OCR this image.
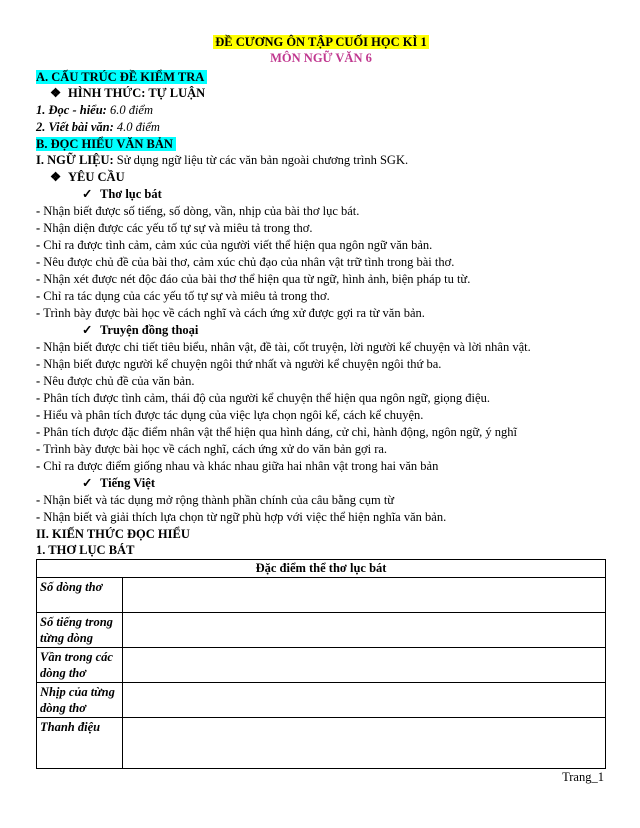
ĐỀ CƯƠNG ÔN TẬP CUỐI HỌC KÌ 1
MÔN NGỮ VĂN 6
A. CẤU TRÚC ĐỀ KIỂM TRA
❖ HÌNH THỨC: TỰ LUẬN
1. Đọc - hiểu: 6.0 điểm
2. Viết bài văn: 4.0 điểm
B. ĐỌC HIỂU VĂN BẢN
I. NGỮ LIỆU: Sử dụng ngữ liệu từ các văn bản ngoài chương trình SGK.
❖ YÊU CẦU
✓ Thơ lục bát
- Nhận biết được số tiếng, số dòng, vần, nhịp của bài thơ lục bát.
- Nhận diện được các yếu tố tự sự và miêu tả trong thơ.
- Chỉ ra được tình cảm, cảm xúc của người viết thể hiện qua ngôn ngữ văn bản.
- Nêu được chủ đề của bài thơ, cảm xúc chủ đạo của nhân vật trữ tình trong bài thơ.
- Nhận xét được nét độc đáo của bài thơ thể hiện qua từ ngữ, hình ảnh, biện pháp tu từ.
- Chỉ ra tác dụng của các yếu tố tự sự và miêu tả trong thơ.
- Trình bày được bài học về cách nghĩ và cách ứng xử được gợi ra từ văn bản.
✓ Truyện đồng thoại
- Nhận biết được chi tiết tiêu biểu, nhân vật, đề tài, cốt truyện, lời người kể chuyện và lời nhân vật.
- Nhận biết được người kể chuyện ngôi thứ nhất và người kể chuyện ngôi thứ ba.
- Nêu được chủ đề của văn bản.
- Phân tích được tình cảm, thái độ của người kể chuyện thể hiện qua ngôn ngữ, giọng điệu.
- Hiểu và phân tích được tác dụng của việc lựa chọn ngôi kể, cách kể chuyện.
- Phân tích được đặc điểm nhân vật thể hiện qua hình dáng, cử chỉ, hành động, ngôn ngữ, ý nghĩ
- Trình bày được bài học về cách nghĩ, cách ứng xử do văn bản gợi ra.
- Chỉ ra được điểm giống nhau và khác nhau giữa hai nhân vật trong hai văn bản
✓ Tiếng Việt
- Nhận biết và tác dụng mở rộng thành phần chính của câu bằng cụm từ
- Nhận biết và giải thích lựa chọn từ ngữ phù hợp với việc thể hiện nghĩa văn bản.
II. KIẾN THỨC ĐỌC HIỂU
1. THƠ LỤC BÁT
Đặc điểm thể thơ lục bát	
Số dòng thơ	
Số tiếng trong từng dòng	
Vần trong các dòng thơ	
Nhịp của từng dòng thơ	
Thanh điệu	
Trang_1
